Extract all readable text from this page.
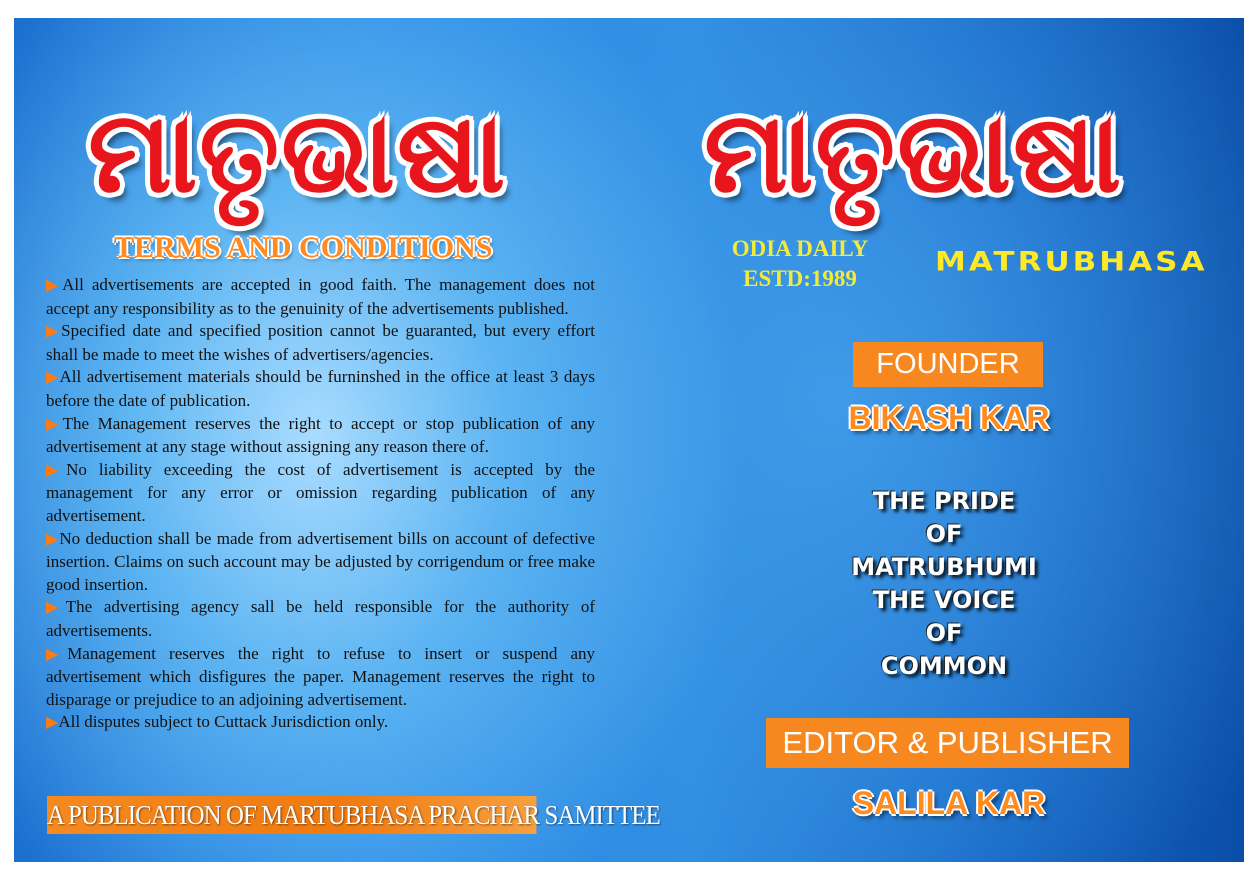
ମାତୃଭାଷା ମାତୃଭାଷା
TERMS AND CONDITIONS

▶All advertisements are accepted in good faith. The management does not accept any responsibility as to the genuinity of the advertisements published.

▶Specified date and specified position cannot be guaranted, but every effort shall be made to meet the wishes of advertisers/agencies.

▶All advertisement materials should be furninshed in the office at least 3 days before the date of publication.

▶The Management reserves the right to accept or stop publication of any advertisement at any stage without assigning any reason there of.

▶No liability exceeding the cost of advertisement is accepted by the management for any error or omission regarding publication of any advertisement.

▶No deduction shall be made from advertisement bills on account of defective insertion. Claims on such account may be adjusted by corrigendum or free make good insertion.

▶The advertising agency sall be held responsible for the authority of advertisements.

▶Management reserves the right to refuse to insert or suspend any advertisement which disfigures the paper. Management reserves the right to disparage or prejudice to an adjoining advertisement.

▶All disputes subject to Cuttack Jurisdiction only.

A PUBLICATION OF MARTUBHASA PRACHAR SAMITTEE
ODIA DAILY
ESTD:1989
MATRUBHASA
FOUNDER
BIKASH KAR
THE PRIDE
OF
MATRUBHUMI
THE VOICE
OF
COMMON
EDITOR & PUBLISHER
SALILA KAR
